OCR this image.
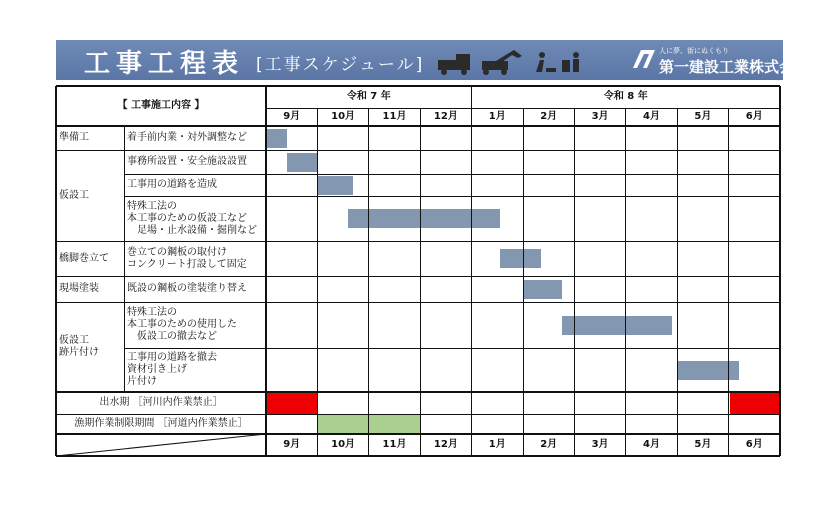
工事工程表 [工事スケジュール]
人に夢、街にぬくもり
第一建設工業株式会社
【 工事施工内容 】
令和 7 年	令和 8 年
9月
9月
10月
10月
11月
11月
12月
12月
1月
1月
2月
2月
3月
3月
4月
4月
5月
5月
6月
6月
準備工
仮設工
橋脚巻立て
現場塗装
仮設工
跡片付け
着手前内業・対外調整など
事務所設置・安全施設設置
工事用の道路を造成
特殊工法の
本工事のための仮設工など
　足場・止水設備・掘削など
巻立ての鋼板の取付け
コンクリート打設して固定
既設の鋼板の塗装塗り替え
特殊工法の
本工事のための使用した
　仮設工の撤去など
工事用の道路を撤去
資材引き上げ
片付け
出水期 ［河川内作業禁止］
漁期作業制限期間 ［河道内作業禁止］
